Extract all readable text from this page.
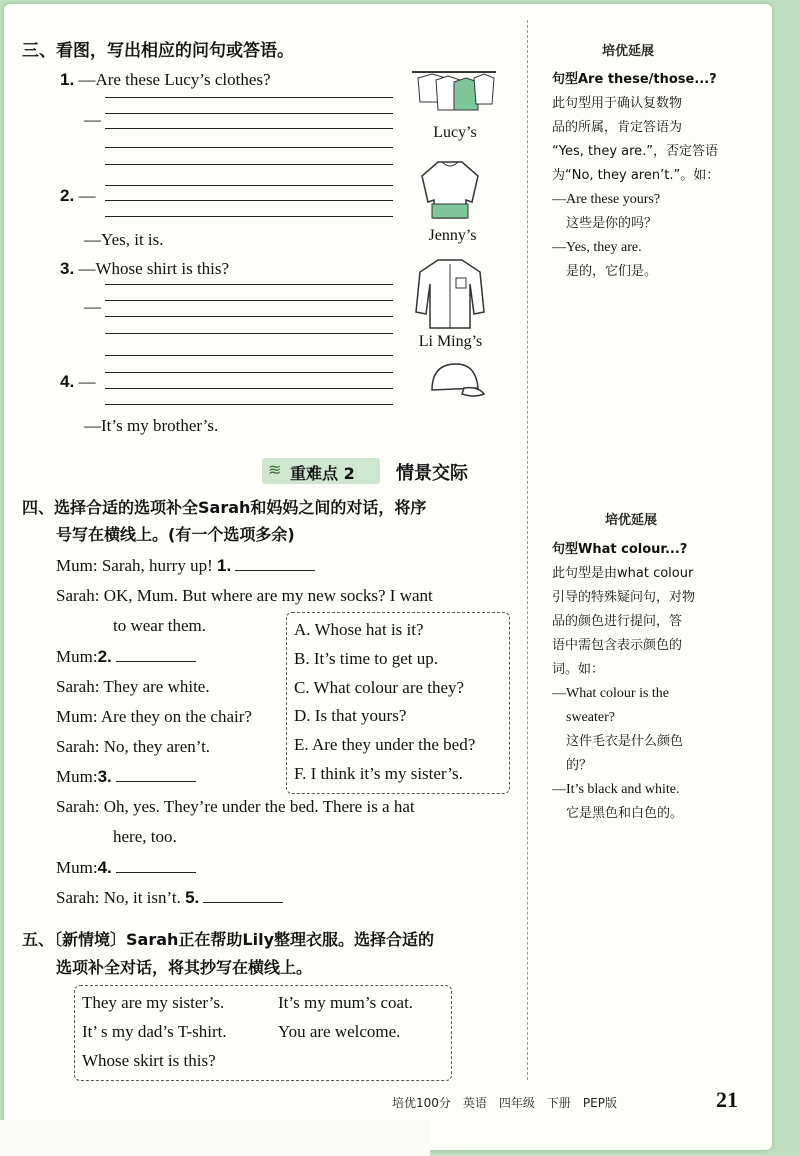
三、看图，写出相应的问句或答语。
1. —Are these Lucy’s clothes?
—
Lucy’s
2. —
—Yes, it is.	Jenny’s
3. —Whose shirt is this?
—
Li Ming’s
4. —
—It’s my brother’s.
≋ 重难点 2 情景交际
四、选择合适的选项补全Sarah和妈妈之间的对话，将序
号写在横线上。(有一个选项多余)
Mum: Sarah, hurry up! 1.
Sarah: OK, Mum. But where are my new socks? I want
to wear them.
Mum:2.
Sarah: They are white.
Mum: Are they on the chair?
Sarah: No, they aren’t.
Mum:3.
Sarah: Oh, yes. They’re under the bed. There is a hat
here, too.
Mum:4.
Sarah: No, it isn’t. 5.
A. Whose hat is it?
B. It’s time to get up.
C. What colour are they?
D. Is that yours?
E. Are they under the bed?
F. I think it’s my sister’s.
五、〔新情境〕Sarah正在帮助Lily整理衣服。选择合适的
选项补全对话，将其抄写在横线上。
They are my sister’s.	It’s my mum’s coat.
It’ s my dad’s T-shirt.	You are welcome.
Whose skirt is this?
培优延展
句型Are these/those...?
此句型用于确认复数物
品的所属，肯定答语为
“Yes, they are.”，否定答语
为“No, they aren’t.”。如：
—Are these yours?
这些是你的吗？
—Yes, they are.
是的，它们是。
培优延展
句型What colour...?
此句型是由what colour
引导的特殊疑问句，对物
品的颜色进行提问，答
语中需包含表示颜色的
词。如：
—What colour is the
sweater?
这件毛衣是什么颜色
的？
—It’s black and white.
它是黑色和白色的。
培优100分　英语　四年级　下册　PEP版	21
